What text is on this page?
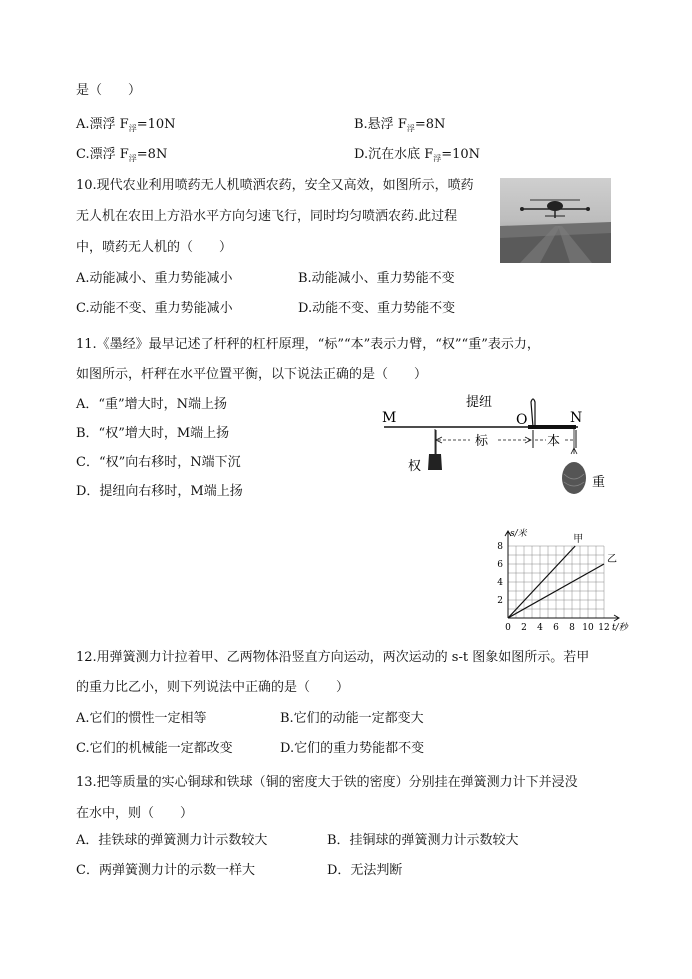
是（　　）
A.漂浮 $F_浮=10N$	B.悬浮 $F_浮=8N$
C.漂浮 $F_浮=8N$	D.沉在水底 $F_浮=10N$
10.现代农业利用喷药无人机喷洒农药，安全又高效，如图所示，喷药
无人机在农田上方沿水平方向匀速飞行，同时均匀喷洒农药.此过程
中，喷药无人机的（　　）
A.动能减小、重力势能减小	B.动能减小、重力势能不变
C.动能不变、重力势能减小	D.动能不变、重力势能不变
11.《墨经》最早记述了杆秤的杠杆原理，“标”“本”表示力臂，“权”“重”表示力，
如图所示，杆秤在水平位置平衡，以下说法正确的是（　　）
A．“重”增大时，N端上扬
B．“权”增大时，M端上扬
C．“权”向右移时，N端下沉
D．提纽向右移时，M端上扬
M	N
O
提纽
标	本
权
重
0 2 4 6 8 10 12
2
4
6
8
甲
乙
s/米
t/秒
12.用弹簧测力计拉着甲、乙两物体沿竖直方向运动，两次运动的 s-t 图象如图所示。若甲
的重力比乙小，则下列说法中正确的是（　　）
A.它们的惯性一定相等	B.它们的动能一定都变大
C.它们的机械能一定都改变	D.它们的重力势能都不变
13.把等质量的实心铜球和铁球（铜的密度大于铁的密度）分别挂在弹簧测力计下并浸没
在水中，则（　　）
A．挂铁球的弹簧测力计示数较大	B．挂铜球的弹簧测力计示数较大
C．两弹簧测力计的示数一样大	D．无法判断
